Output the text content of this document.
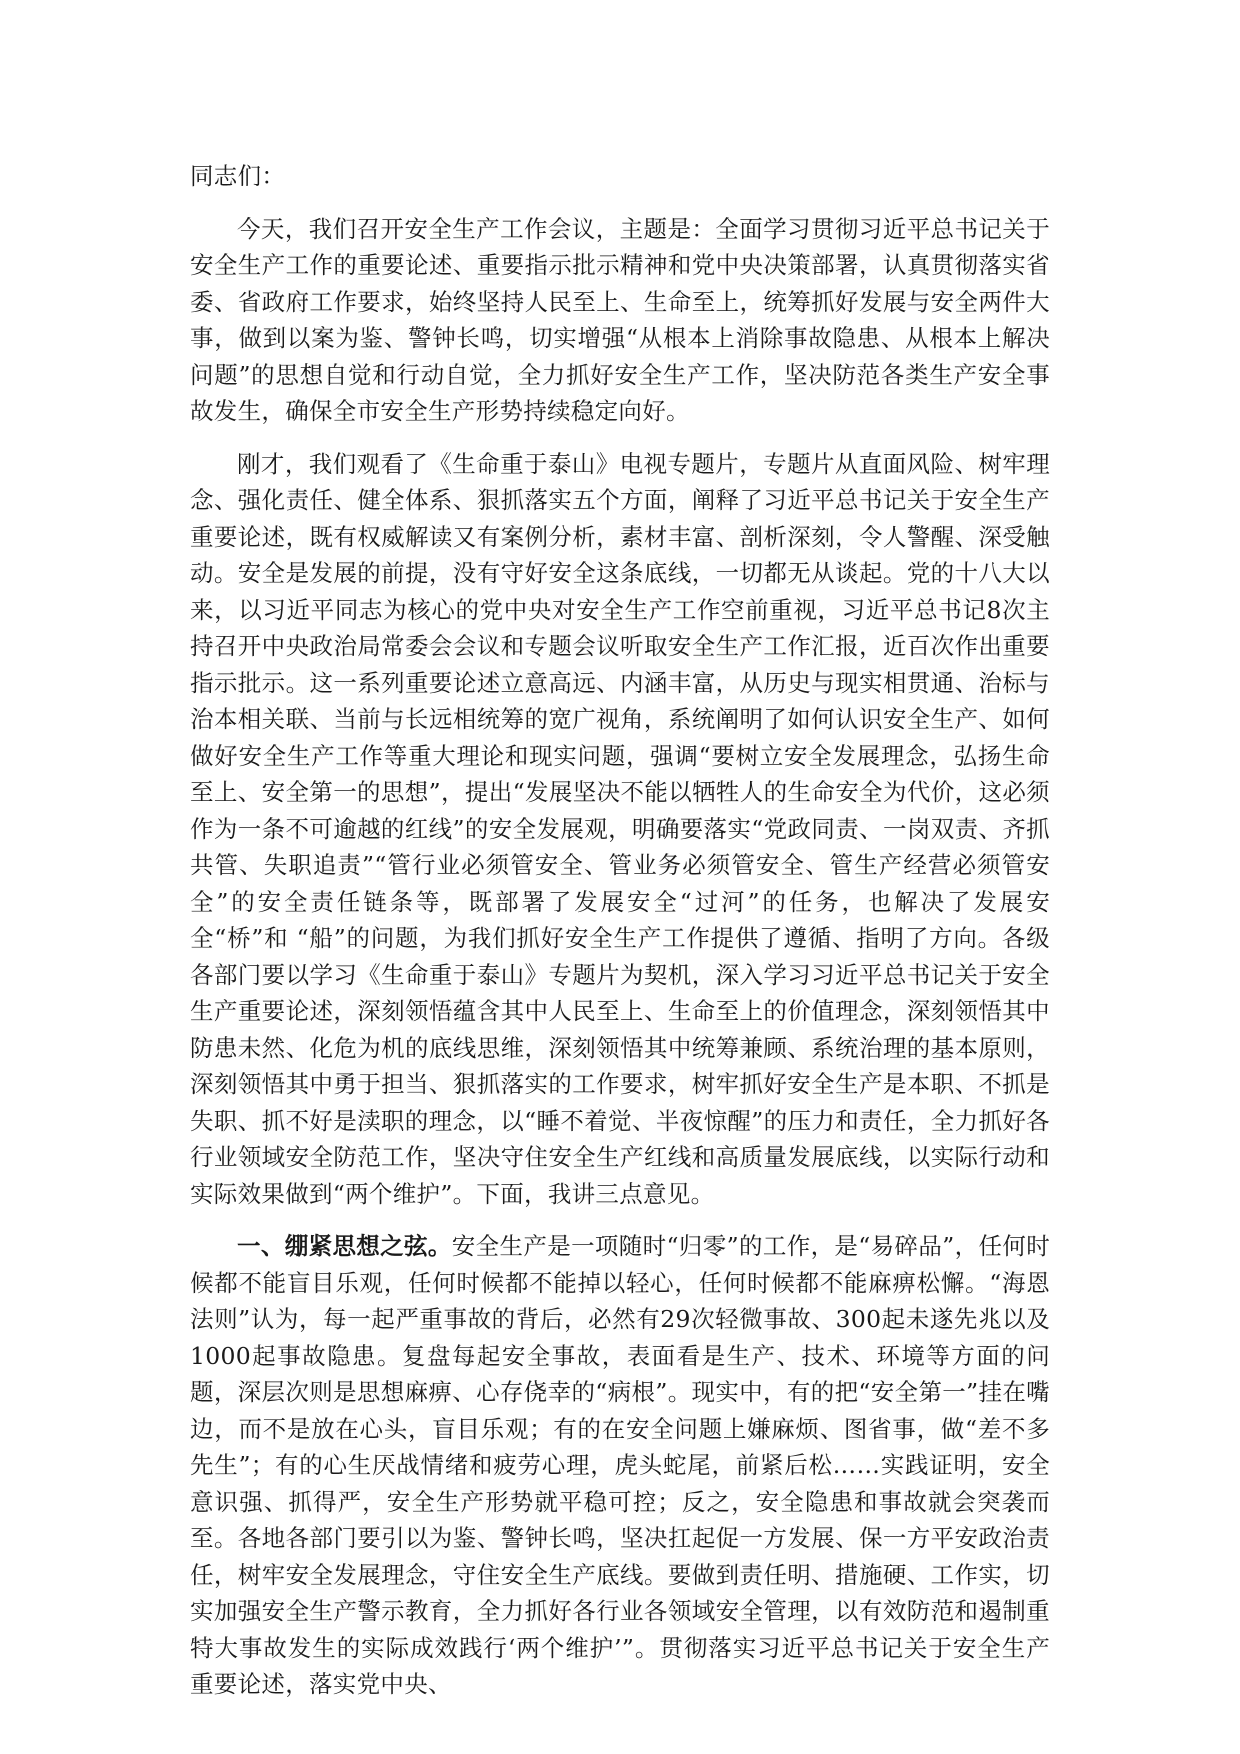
同志们：

今天，我们召开安全生产工作会议，主题是：全面学习贯彻习近平总书记关于安全生产工作的重要论述、重要指示批示精神和党中央决策部署，认真贯彻落实省委、省政府工作要求，始终坚持人民至上、生命至上，统筹抓好发展与安全两件大事，做到以案为鉴、警钟长鸣，切实增强“从根本上消除事故隐患、从根本上解决问题”的思想自觉和行动自觉，全力抓好安全生产工作，坚决防范各类生产安全事故发生，确保全市安全生产形势持续稳定向好。

刚才，我们观看了《生命重于泰山》电视专题片，专题片从直面风险、树牢理念、强化责任、健全体系、狠抓落实五个方面，阐释了习近平总书记关于安全生产重要论述，既有权威解读又有案例分析，素材丰富、剖析深刻，令人警醒、深受触动。安全是发展的前提，没有守好安全这条底线，一切都无从谈起。党的十八大以来，以习近平同志为核心的党中央对安全生产工作空前重视，习近平总书记8次主持召开中央政治局常委会会议和专题会议听取安全生产工作汇报，近百次作出重要指示批示。这一系列重要论述立意高远、内涵丰富，从历史与现实相贯通、治标与治本相关联、当前与长远相统筹的宽广视角，系统阐明了如何认识安全生产、如何做好安全生产工作等重大理论和现实问题，强调“要树立安全发展理念，弘扬生命至上、安全第一的思想”，提出“发展坚决不能以牺牲人的生命安全为代价，这必须作为一条不可逾越的红线”的安全发展观，明确要落实“党政同责、一岗双责、齐抓共管、失职追责”“管行业必须管安全、管业务必须管安全、管生产经营必须管安全”的安全责任链条等，既部署了发展安全“过河”的任务，也解决了发展安全“桥”和 “船”的问题，为我们抓好安全生产工作提供了遵循、指明了方向。各级各部门要以学习《生命重于泰山》专题片为契机，深入学习习近平总书记关于安全生产重要论述，深刻领悟蕴含其中人民至上、生命至上的价值理念，深刻领悟其中防患未然、化危为机的底线思维，深刻领悟其中统筹兼顾、系统治理的基本原则，深刻领悟其中勇于担当、狠抓落实的工作要求，树牢抓好安全生产是本职、不抓是失职、抓不好是渎职的理念，以“睡不着觉、半夜惊醒”的压力和责任，全力抓好各行业领域安全防范工作，坚决守住安全生产红线和高质量发展底线，以实际行动和实际效果做到“两个维护”。下面，我讲三点意见。

一、绷紧思想之弦。安全生产是一项随时“归零”的工作，是“易碎品”，任何时候都不能盲目乐观，任何时候都不能掉以轻心，任何时候都不能麻痹松懈。“海恩法则”认为，每一起严重事故的背后，必然有29次轻微事故、300起未遂先兆以及 1000起事故隐患。复盘每起安全事故，表面看是生产、技术、环境等方面的问题，深层次则是思想麻痹、心存侥幸的“病根”。现实中，有的把“安全第一”挂在嘴边，而不是放在心头，盲目乐观；有的在安全问题上嫌麻烦、图省事，做“差不多先生”；有的心生厌战情绪和疲劳心理，虎头蛇尾，前紧后松……实践证明，安全意识强、抓得严，安全生产形势就平稳可控；反之，安全隐患和事故就会突袭而至。各地各部门要引以为鉴、警钟长鸣，坚决扛起促一方发展、保一方平安政治责任，树牢安全发展理念，守住安全生产底线。要做到责任明、措施硬、工作实，切实加强安全生产警示教育，全力抓好各行业各领域安全管理，以有效防范和遏制重特大事故发生的实际成效践行‘两个维护’”。贯彻落实习近平总书记关于安全生产重要论述，落实党中央、
